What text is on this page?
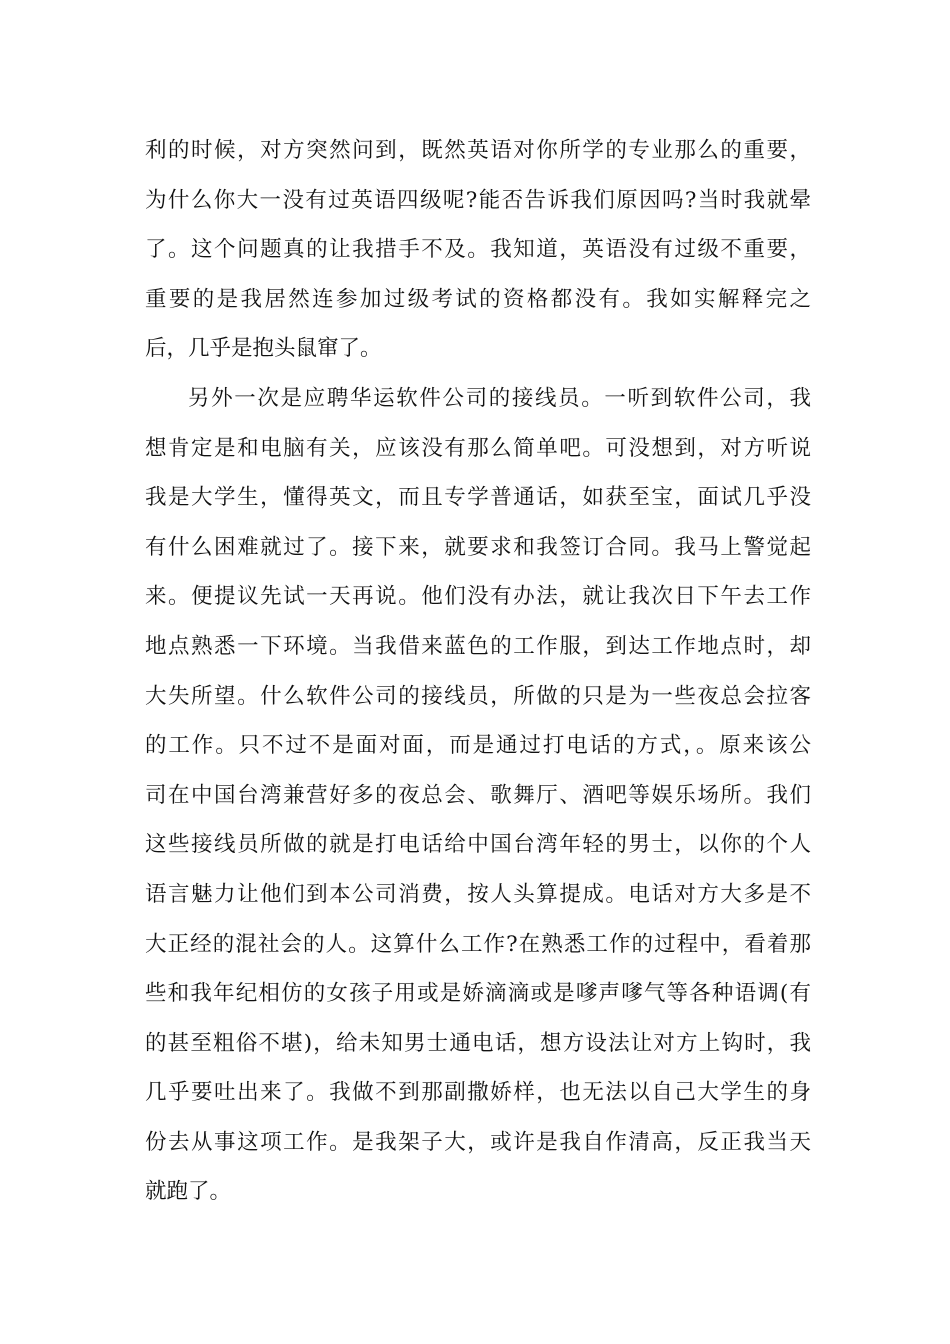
利的时候，对方突然问到，既然英语对你所学的专业那么的重要，
为什么你大一没有过英语四级呢?能否告诉我们原因吗?当时我就晕
了。这个问题真的让我措手不及。我知道，英语没有过级不重要，
重要的是我居然连参加过级考试的资格都没有。我如实解释完之
后，几乎是抱头鼠窜了。
另外一次是应聘华运软件公司的接线员。一听到软件公司，我
想肯定是和电脑有关，应该没有那么简单吧。可没想到，对方听说
我是大学生，懂得英文，而且专学普通话，如获至宝，面试几乎没
有什么困难就过了。接下来，就要求和我签订合同。我马上警觉起
来。便提议先试一天再说。他们没有办法，就让我次日下午去工作
地点熟悉一下环境。当我借来蓝色的工作服，到达工作地点时，却
大失所望。什么软件公司的接线员，所做的只是为一些夜总会拉客
的工作。只不过不是面对面，而是通过打电话的方式，。原来该公
司在中国台湾兼营好多的夜总会、歌舞厅、酒吧等娱乐场所。我们
这些接线员所做的就是打电话给中国台湾年轻的男士，以你的个人
语言魅力让他们到本公司消费，按人头算提成。电话对方大多是不
大正经的混社会的人。这算什么工作?在熟悉工作的过程中，看着那
些和我年纪相仿的女孩子用或是娇滴滴或是嗲声嗲气等各种语调(有
的甚至粗俗不堪)，给未知男士通电话，想方设法让对方上钩时，我
几乎要吐出来了。我做不到那副撒娇样，也无法以自己大学生的身
份去从事这项工作。是我架子大，或许是我自作清高，反正我当天
就跑了。
